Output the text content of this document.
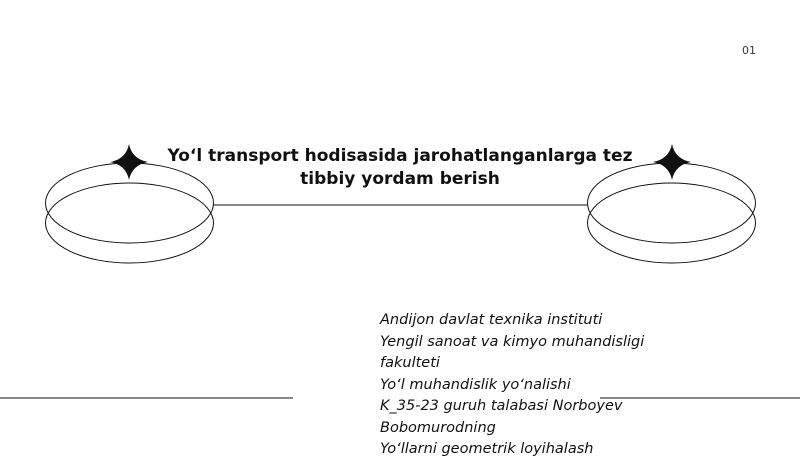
01
Yo‘l transport hodisasida jarohatlanganlarga tez
tibbiy yordam berish
Andijon davlat texnika instituti
Yengil sanoat va kimyo muhandisligi
fakulteti
Yo‘l muhandislik yo‘nalishi
K_35-23 guruh talabasi Norboyev
Bobomurodning
Yo‘llarni geometrik loyihalash
